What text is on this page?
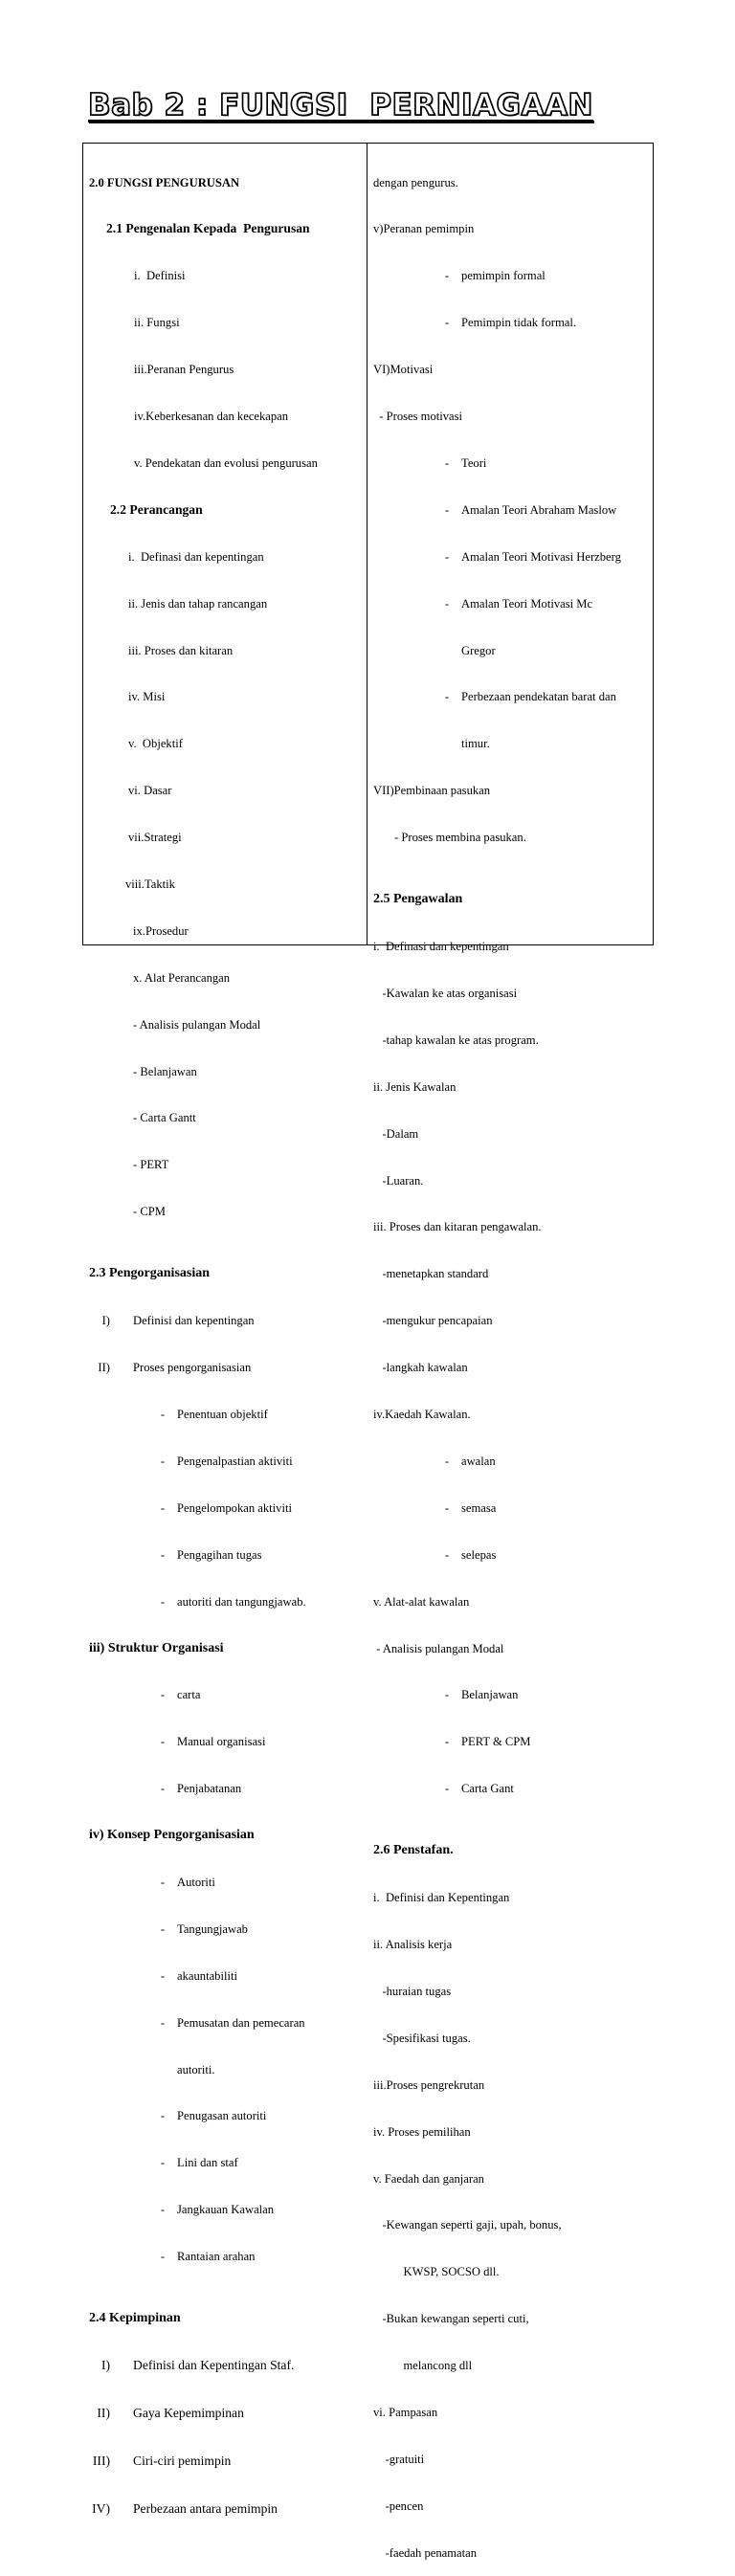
Bab 2 : FUNGSI  PERNIAGAAN

2.0 FUNGSI PENGURUSAN

2.1 Pengenalan Kepada  Pengurusan

i.  Definisi

ii. Fungsi

iii.Peranan Pengurus

iv.Keberkesanan dan kecekapan

v. Pendekatan dan evolusi pengurusan

2.2 Perancangan

i.  Definasi dan kepentingan

ii. Jenis dan tahap rancangan

iii. Proses dan kitaran

iv. Misi

v.  Objektif

vi. Dasar

vii.Strategi

viii.Taktik

ix.Prosedur

x. Alat Perancangan

- Analisis pulangan Modal

- Belanjawan

- Carta Gantt

- PERT

- CPM

2.3 Pengorganisasian

I)	Definisi dan kepentingan

II)	Proses pengorganisasian

- Penentuan objektif

- Pengenalpastian aktiviti

- Pengelompokan aktiviti

- Pengagihan tugas

- autoriti dan tangungjawab.

iii) Struktur Organisasi

- carta

- Manual organisasi

- Penjabatanan

iv) Konsep Pengorganisasian

- Autoriti

- Tangungjawab

- akauntabiliti

- Pemusatan dan pemecaran

autoriti.

- Penugasan autoriti

- Lini dan staf

- Jangkauan Kawalan

- Rantaian arahan

2.4 Kepimpinan

I)	Definisi dan Kepentingan Staf.

II)	Gaya Kepemimpinan

III)	Ciri-ciri pemimpin

IV)	Perbezaan antara pemimpin

dengan pengurus.

v)Peranan pemimpin

- pemimpin formal

- Pemimpin tidak formal.

VI)Motivasi

- Proses motivasi

- Teori

- Amalan Teori Abraham Maslow

- Amalan Teori Motivasi Herzberg

- Amalan Teori Motivasi Mc

Gregor

- Perbezaan pendekatan barat dan

timur.

VII)Pembinaan pasukan

- Proses membina pasukan.

2.5 Pengawalan

i.  Definasi dan kepentingan

-Kawalan ke atas organisasi

-tahap kawalan ke atas program.

ii. Jenis Kawalan

-Dalam

-Luaran.

iii. Proses dan kitaran pengawalan.

-menetapkan standard

-mengukur pencapaian

-langkah kawalan

iv.Kaedah Kawalan.

- awalan

- semasa

- selepas

v. Alat-alat kawalan

- Analisis pulangan Modal

- Belanjawan

- PERT & CPM

- Carta Gant

2.6 Penstafan.

i.  Definisi dan Kepentingan

ii. Analisis kerja

-huraian tugas

-Spesifikasi tugas.

iii.Proses pengrekrutan

iv. Proses pemilihan

v. Faedah dan ganjaran

-Kewangan seperti gaji, upah, bonus,

KWSP, SOCSO dll.

-Bukan kewangan seperti cuti,

melancong dll

vi. Pampasan

-gratuiti

-pencen

-faedah penamatan
